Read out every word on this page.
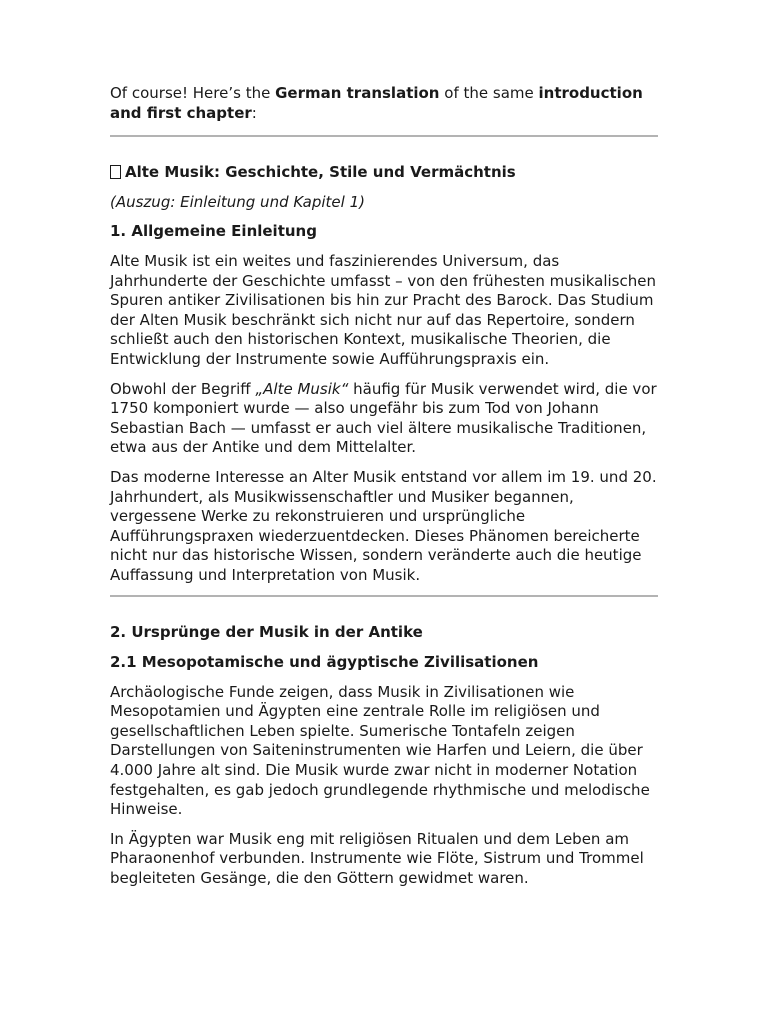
Of course! Here’s the German translation of the same introduction and first chapter:

Alte Musik: Geschichte, Stile und Vermächtnis

(Auszug: Einleitung und Kapitel 1)

1. Allgemeine Einleitung

Alte Musik ist ein weites und faszinierendes Universum, das Jahrhunderte der Geschichte umfasst – von den frühesten musikalischen Spuren antiker Zivilisationen bis hin zur Pracht des Barock. Das Studium der Alten Musik beschränkt sich nicht nur auf das Repertoire, sondern schließt auch den historischen Kontext, musikalische Theorien, die Entwicklung der Instrumente sowie Aufführungspraxis ein.

Obwohl der Begriff „Alte Musik“ häufig für Musik verwendet wird, die vor 1750 komponiert wurde — also ungefähr bis zum Tod von Johann Sebastian Bach — umfasst er auch viel ältere musikalische Traditionen, etwa aus der Antike und dem Mittelalter.

Das moderne Interesse an Alter Musik entstand vor allem im 19. und 20. Jahrhundert, als Musikwissenschaftler und Musiker begannen, vergessene Werke zu rekonstruieren und ursprüngliche Aufführungspraxen wiederzuentdecken. Dieses Phänomen bereicherte nicht nur das historische Wissen, sondern veränderte auch die heutige Auffassung und Interpretation von Musik.

2. Ursprünge der Musik in der Antike

2.1 Mesopotamische und ägyptische Zivilisationen

Archäologische Funde zeigen, dass Musik in Zivilisationen wie Mesopotamien und Ägypten eine zentrale Rolle im religiösen und gesellschaftlichen Leben spielte. Sumerische Tontafeln zeigen Darstellungen von Saiteninstrumenten wie Harfen und Leiern, die über 4.000 Jahre alt sind. Die Musik wurde zwar nicht in moderner Notation festgehalten, es gab jedoch grundlegende rhythmische und melodische Hinweise.

In Ägypten war Musik eng mit religiösen Ritualen und dem Leben am Pharaonenhof verbunden. Instrumente wie Flöte, Sistrum und Trommel begleiteten Gesänge, die den Göttern gewidmet waren.
